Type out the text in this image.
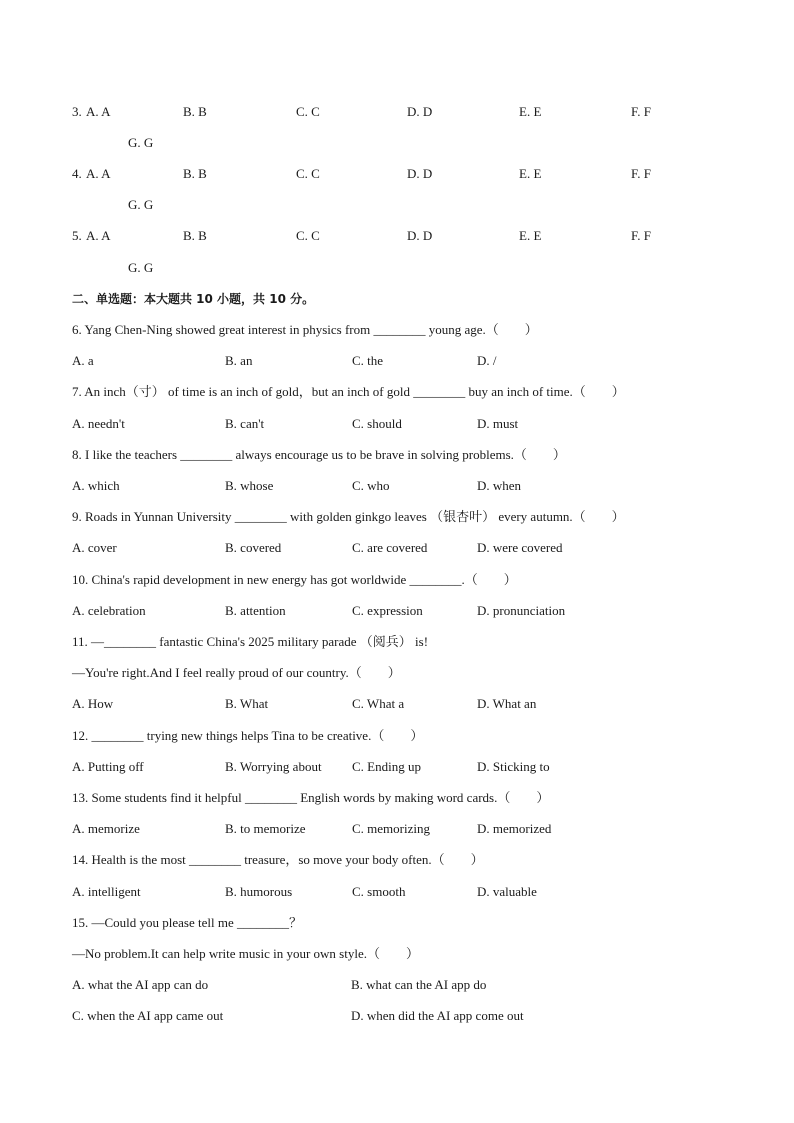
3. A. A	B. B	C. C	D. D	E. E	F. F
G. G
4. A. A	B. B	C. C	D. D	E. E	F. F
G. G
5. A. A	B. B	C. C	D. D	E. E	F. F
G. G
二、单选题：本大题共 10 小题，共 10 分。
6. Yang Chen-Ning showed great interest in physics from ________ young age.（　　）
A. a	B. an	C. the	D. /
7. An inch（寸） of time is an inch of gold，but an inch of gold ________ buy an inch of time.（　　）
A. needn't	B. can't	C. should	D. must
8. I like the teachers ________ always encourage us to be brave in solving problems.（　　）
A. which	B. whose	C. who	D. when
9. Roads in Yunnan University ________ with golden ginkgo leaves （银杏叶） every autumn.（　　）
A. cover	B. covered	C. are covered	D. were covered
10. China's rapid development in new energy has got worldwide ________.（　　）
A. celebration	B. attention	C. expression	D. pronunciation
11. —________ fantastic China's 2025 military parade （阅兵） is!
—You're right.And I feel really proud of our country.（　　）
A. How	B. What	C. What a	D. What an
12. ________ trying new things helps Tina to be creative.（　　）
A. Putting off	B. Worrying about C. Ending up	D. Sticking to
13. Some students find it helpful ________ English words by making word cards.（　　）
A. memorize	B. to memorize	C. memorizing	D. memorized
14. Health is the most ________ treasure，so move your body often.（　　）
A. intelligent	B. humorous	C. smooth	D. valuable
15. —Could you please tell me ________？
—No problem.It can help write music in your own style.（　　）
A. what the AI app can do	B. what can the AI app do
C. when the AI app came out	D. when did the AI app come out
